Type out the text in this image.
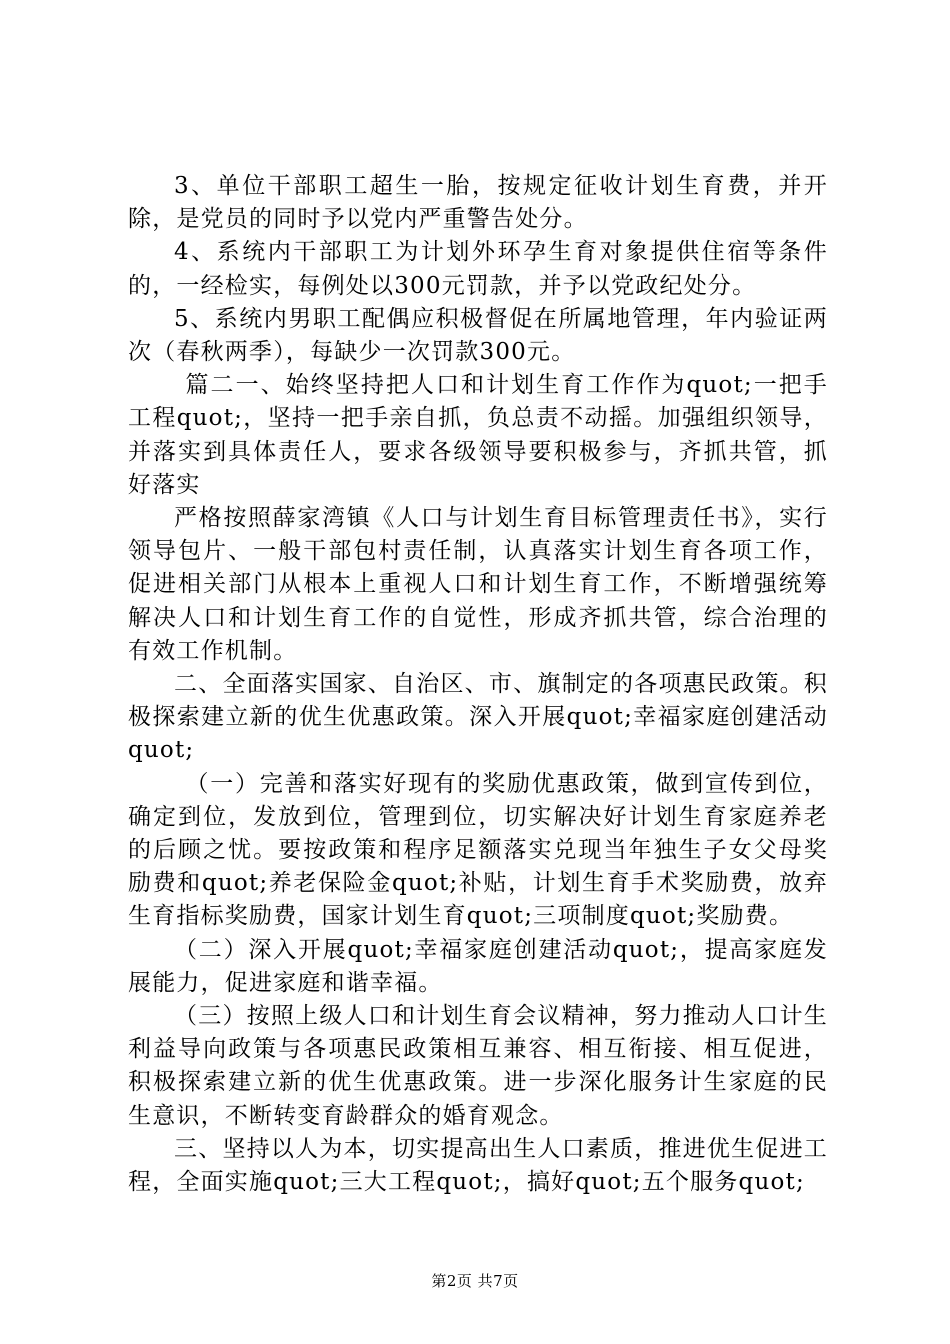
3、单位干部职工超生一胎，按规定征收计划生育费，并开除，是党员的同时予以党内严重警告处分。

4、系统内干部职工为计划外环孕生育对象提供住宿等条件的，一经检实，每例处以300元罚款，并予以党政纪处分。

5、系统内男职工配偶应积极督促在所属地管理，年内验证两次（春秋两季），每缺少一次罚款300元。

篇二一、始终坚持把人口和计划生育工作作为quot;一把手工程quot;，坚持一把手亲自抓，负总责不动摇。加强组织领导，并落实到具体责任人，要求各级领导要积极参与，齐抓共管，抓好落实

严格按照薛家湾镇《人口与计划生育目标管理责任书》，实行领导包片、一般干部包村责任制，认真落实计划生育各项工作，促进相关部门从根本上重视人口和计划生育工作，不断增强统筹解决人口和计划生育工作的自觉性，形成齐抓共管，综合治理的有效工作机制。

二、全面落实国家、自治区、市、旗制定的各项惠民政策。积极探索建立新的优生优惠政策。深入开展quot;幸福家庭创建活动quot;

（一）完善和落实好现有的奖励优惠政策，做到宣传到位，确定到位，发放到位，管理到位，切实解决好计划生育家庭养老的后顾之忧。要按政策和程序足额落实兑现当年独生子女父母奖励费和quot;养老保险金quot;补贴，计划生育手术奖励费，放弃生育指标奖励费，国家计划生育quot;三项制度quot;奖励费。

（二）深入开展quot;幸福家庭创建活动quot;，提高家庭发展能力，促进家庭和谐幸福。

（三）按照上级人口和计划生育会议精神，努力推动人口计生利益导向政策与各项惠民政策相互兼容、相互衔接、相互促进，积极探索建立新的优生优惠政策。进一步深化服务计生家庭的民生意识，不断转变育龄群众的婚育观念。

三、坚持以人为本，切实提高出生人口素质，推进优生促进工程，全面实施quot;三大工程quot;，搞好quot;五个服务quot;

第2页 共7页
